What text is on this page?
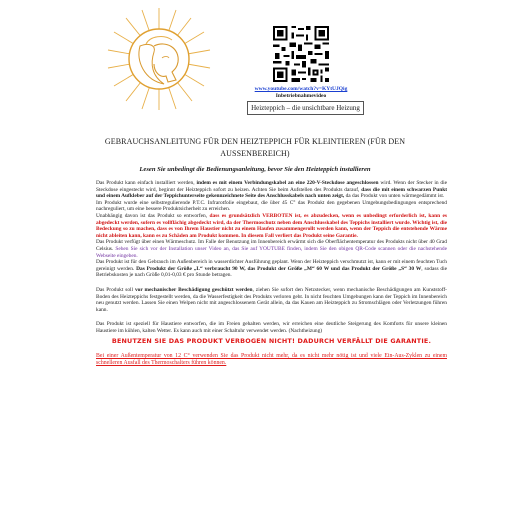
www.youtube.com/watch?v=KYtUJQig
Inbetriebnahmevideo
Heizteppich – die unsichtbare Heizung
GEBRAUCHSANLEITUNG FÜR DEN HEIZTEPPICH FÜR KLEINTIEREN (FÜR DEN AUSSENBEREICH)
Lesen Sie unbedingt die Bedienungsanleitung, bevor Sie den Heizteppich installieren

Das Produkt kann einfach installiert werden, indem es mit einem Verbindungskabel an eine 220-V-Steckdose angeschlossen wird. Wenn der Stecker in die Steckdose eingesteckt wird, beginnt der Heizteppich sofort zu heizen. Achten Sie beim Aufstellen des Produkts darauf, dass die mit einem schwarzen Punkt und einem Aufkleber auf der Teppichunterseite gekennzeichnete Seite des Anschlusskabels nach unten zeigt, da das Produkt von unten wärmegedämmt ist.

Im Produkt wurde eine selbstregulierende P.T.C. Infrarotfolie eingebaut, die über 45 C° das Produkt den gegebenen Umgebungsbedingungen entsprechend nachreguliert, um eine bessere Produktsicherheit zu erreichen.

Unabhängig davon ist das Produkt so entworfen, dass es grundsätzlich VERBOTEN ist, es abzudecken, wenn es unbedingt erforderlich ist, kann es abgedeckt werden, sofern es vollflächig abgedeckt wird, da der Thermoschutz neben dem Anschlusskabel des Teppichs installiert wurde. Wichtig ist, die Bedeckung so zu machen, dass es von Ihrem Haustier nicht zu einem Haufen zusammengerollt werden kann, wenn der Teppich die entstehende Wärme nicht ableiten kann, kann es zu Schäden am Produkt kommen. In diesem Fall verliert das Produkt seine Garantie.

Das Produkt verfügt über einen Wärmeschutz. Im Falle der Benutzung im Innenbereich erwärmt sich die Oberflächentemperatur des Produkts nicht über 40 Grad Celsius. Sehen Sie sich vor der Installation unser Video an, das Sie auf YOUTUBE finden, indem Sie den obigen QR-Code scannen oder die nachstehende Webseite eingeben.

Das Produkt ist für den Gebrauch im Außenbereich in wasserdichter Ausführung geplant. Wenn der Heizteppich verschmutzt ist, kann er mit einem feuchten Tuch gereinigt werden. Das Produkt der Größe „L“ verbraucht 90 W, das Produkt der Größe „M“ 60 W und das Produkt der Größe „S“ 30 W, sodass die Betriebskosten je nach Größe 0,01-0,03 € pro Stunde betragen.

Das Produkt soll vor mechanischer Beschädigung geschützt werden, ziehen Sie sofort den Netzstecker, wenn mechanische Beschädigungen am Kunststoff-Boden des Heizteppichs festgestellt werden, da die Wasserfestigkeit des Produkts verloren geht. In nicht feuchten Umgebungen kann der Teppich im Innenbereich neu genutzt werden. Lassen Sie einen Welpen nicht mit angeschlossenem Gerät allein, da das Kauen am Heizteppich zu Stromschlägen oder Verletzungen führen kann.

Das Produkt ist speziell für Haustiere entworfen, die im Freien gehalten werden, wir erreichen eine deutliche Steigerung des Komforts für unsere kleinen Haustiere im kühlen, kalten Wetter. Es kann auch mit einer Schaltuhr verwendet werden. (Nachtheizung)

BENUTZEN SIE DAS PRODUKT VERBOGEN NICHT! DADURCH VERFÄLLT DIE GARANTIE.
Bei einer Außentemperatur von 12 C° verwenden Sie das Produkt nicht mehr, da es nicht mehr nötig ist und viele Ein-Aus-Zyklen zu einem schnelleren Ausfall des Thermoschalters führen können.
